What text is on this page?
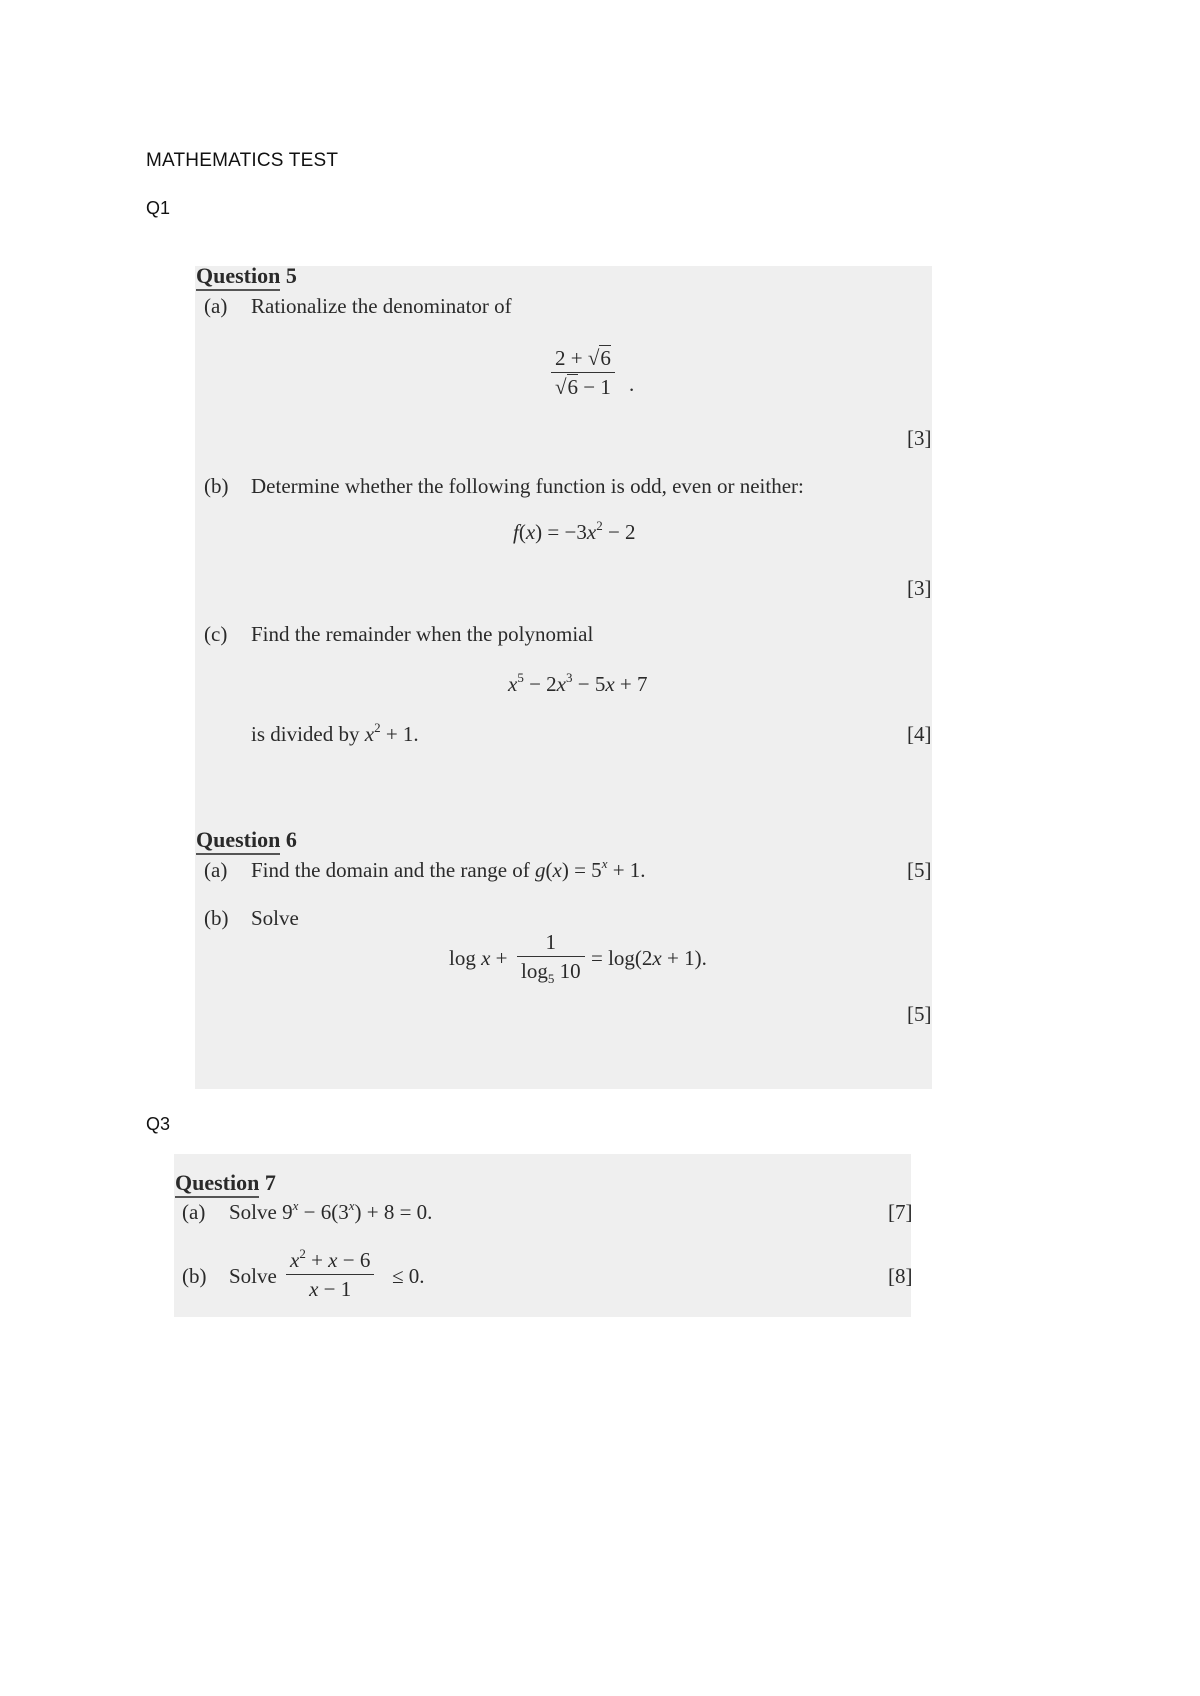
MATHEMATICS TEST
Q1
Question 5
(a) Rationalize the denominator of
$\frac{2 + √6}{√6 - 1}$ .
[3]
(b) Determine whether the following function is odd, even or neither:
$f(x) = -3x^2 - 2$
[3]
(c) Find the remainder when the polynomial
$x^5 - 2x^3 - 5x + 7$
is divided by $x^2 + 1$.	[4]
Question 6
(a) Find the domain and the range of $g(x) = 5^x + 1$.	[5]
(b) Solve
$\log x + \frac{1}{\log_5 10} = \log(2x + 1)$.
[5]
Q3
Question 7
(a) Solve $9^x - 6(3^x) + 8 = 0$.	[7]
(b) Solve $\frac{x^2 + x - 6}{x - 1} \le 0$.	[8]
